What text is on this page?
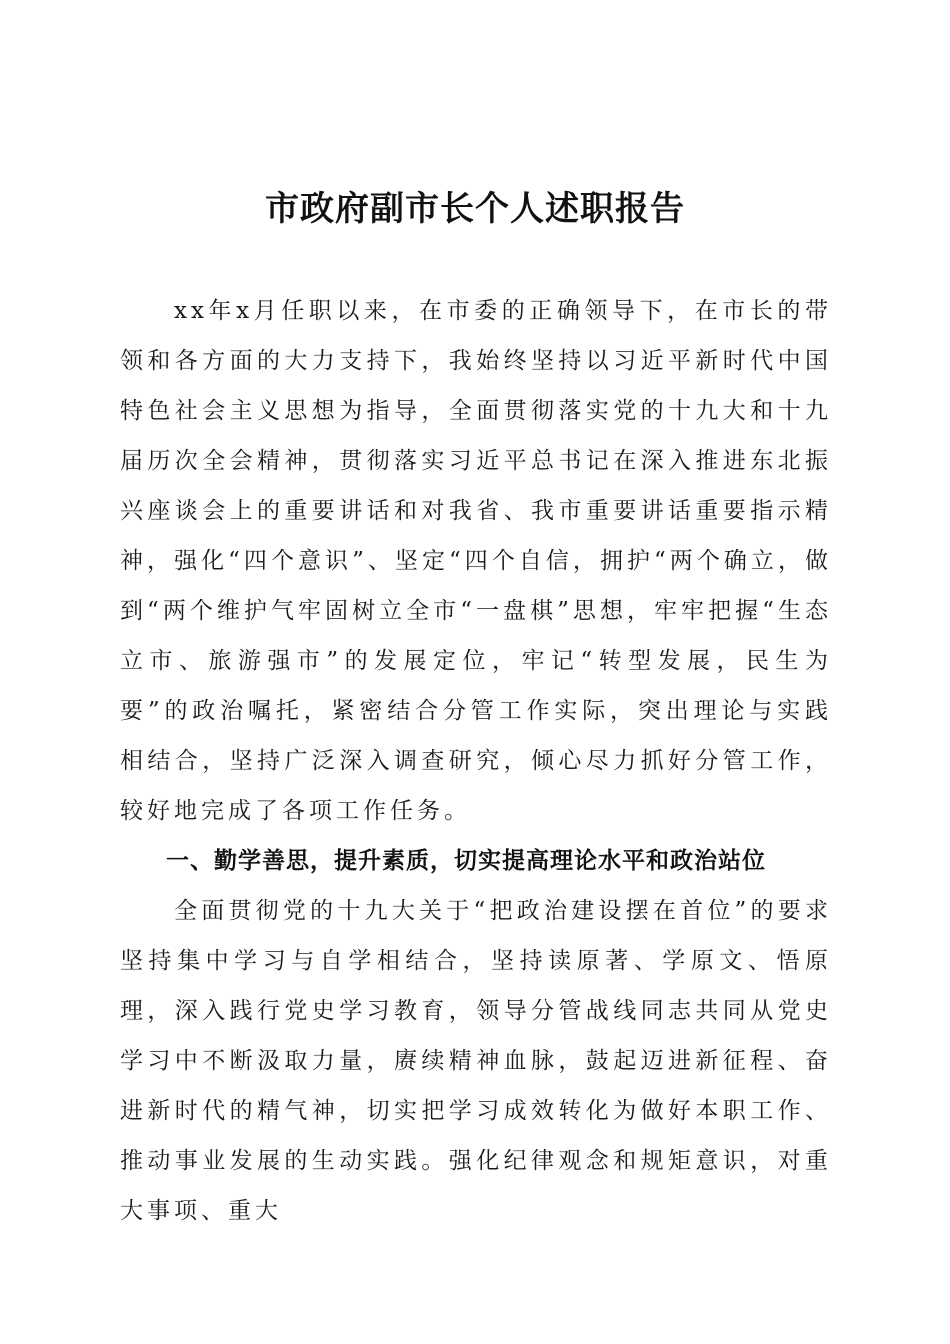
市政府副市长个人述职报告

xx年x月任职以来，在市委的正确领导下，在市长的带领和各方面的大力支持下，我始终坚持以习近平新时代中国特色社会主义思想为指导，全面贯彻落实党的十九大和十九届历次全会精神，贯彻落实习近平总书记在深入推进东北振兴座谈会上的重要讲话和对我省、我市重要讲话重要指示精神，强化“四个意识”、坚定“四个自信，拥护“两个确立，做到“两个维护气牢固树立全市“一盘棋”思想，牢牢把握“生态立市、旅游强市”的发展定位，牢记“转型发展，民生为要”的政治嘱托，紧密结合分管工作实际，突出理论与实践相结合，坚持广泛深入调查研究，倾心尽力抓好分管工作，较好地完成了各项工作任务。

一、勤学善思，提升素质，切实提高理论水平和政治站位

全面贯彻党的十九大关于“把政治建设摆在首位”的要求坚持集中学习与自学相结合，坚持读原著、学原文、悟原理，深入践行党史学习教育，领导分管战线同志共同从党史学习中不断汲取力量，赓续精神血脉，鼓起迈进新征程、奋进新时代的精气神，切实把学习成效转化为做好本职工作、推动事业发展的生动实践。强化纪律观念和规矩意识，对重大事项、重大
